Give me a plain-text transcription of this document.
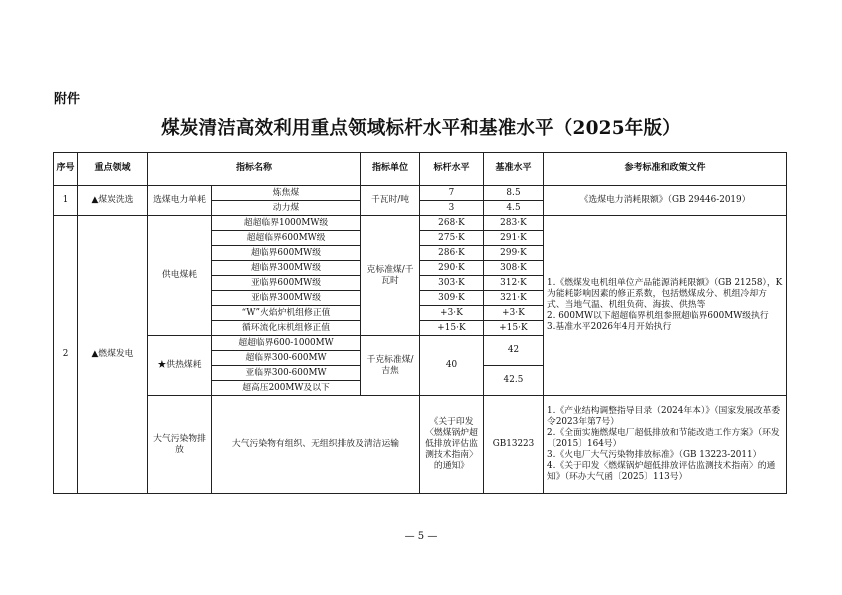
附件
煤炭清洁高效利用重点领域标杆水平和基准水平（2025年版）
序号	重点领域	指标名称		指标单位	标杆水平	基准水平	参考标准和政策文件
1	▲煤炭洗选	选煤电力单耗	炼焦煤	千瓦时/吨	7	8.5	《选煤电力消耗限额》（GB 29446-2019）
			动力煤		3	4.5	
2	▲燃煤发电	供电煤耗	超超临界1000MW级	克标准煤/千瓦时	268·K	283·K	1.《燃煤发电机组单位产品能源消耗限额》（GB 21258），K为能耗影响因素的修正系数，包括燃煤成分、机组冷却方式、当地气温、机组负荷、海拔、供热等
2. 600MW以下超超临界机组参照超临界600MW级执行
3.基准水平2026年4月开始执行

			超超临界600MW级		275·K	291·K	
			超临界600MW级		286·K	299·K	
			超临界300MW级		290·K	308·K	
			亚临界600MW级		303·K	312·K	
			亚临界300MW级		309·K	321·K	
			“W”火焰炉机组修正值		+3·K	+3·K	
			循环流化床机组修正值		+15·K	+15·K	
		★供热煤耗	超超临界600-1000MW	千克标准煤/吉焦	40	42	
			超临界300-600MW				
			亚临界300-600MW			42.5	
			超高压200MW及以下				
		大气污染物排放	大气污染物有组织、无组织排放及清洁运输		《关于印发〈燃煤锅炉超低排放评估监测技术指南〉的通知》	GB13223	1.《产业结构调整指导目录（2024年本）》（国家发展改革委令2023年第7号）
2.《全面实施燃煤电厂超低排放和节能改造工作方案》（环发〔2015〕164号）
3.《火电厂大气污染物排放标准》（GB 13223-2011）
4.《关于印发〈燃煤锅炉超低排放评估监测技术指南〉的通知》（环办大气函〔2025〕113号）
— 5 —
